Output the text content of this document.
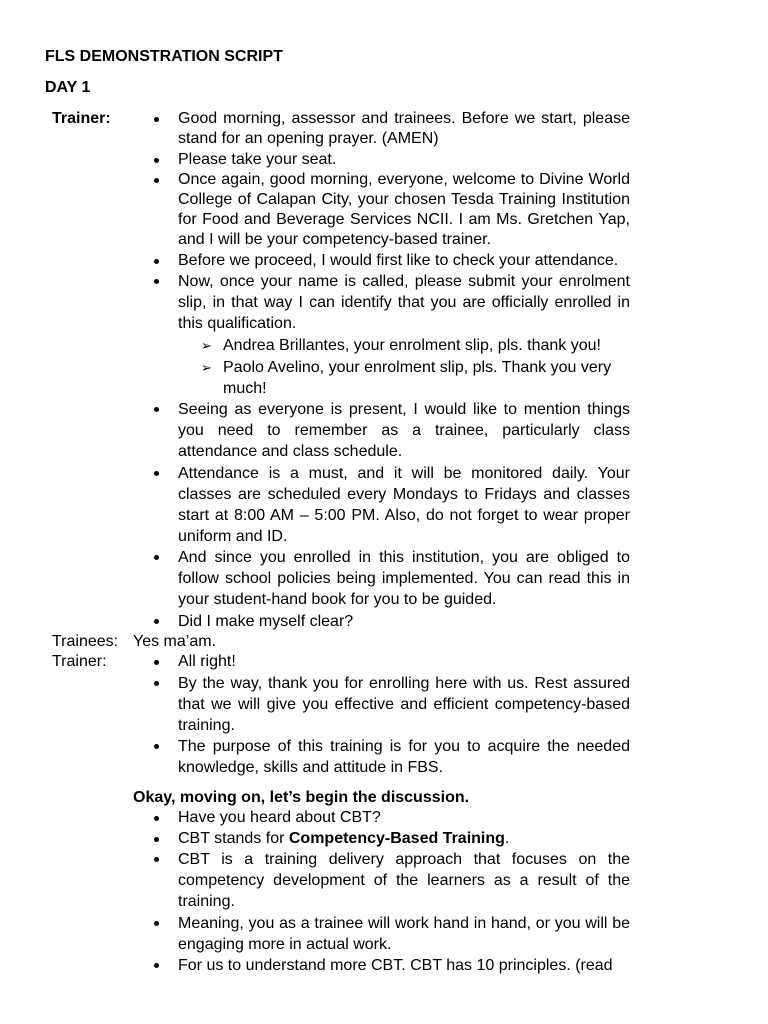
FLS DEMONSTRATION SCRIPT
DAY 1
Trainer:	Good morning, assessor and trainees. Before we start, please stand for an opening prayer. (AMEN)
Please take your seat.
Once again, good morning, everyone, welcome to Divine World College of Calapan City, your chosen Tesda Training Institution for Food and Beverage Services NCII. I am Ms. Gretchen Yap, and I will be your competency-based trainer.
Before we proceed, I would first like to check your attendance.
Now, once your name is called, please submit your enrolment slip, in that way I can identify that you are officially enrolled in this qualification.
➢ Andrea Brillantes, your enrolment slip, pls. thank you!
➢ Paolo Avelino, your enrolment slip, pls. Thank you very much!
Seeing as everyone is present, I would like to mention things you need to remember as a trainee, particularly class attendance and class schedule.
Attendance is a must, and it will be monitored daily. Your classes are scheduled every Mondays to Fridays and classes start at 8:00 AM – 5:00 PM. Also, do not forget to wear proper uniform and ID.
And since you enrolled in this institution, you are obliged to follow school policies being implemented. You can read this in your student-hand book for you to be guided.
Did I make myself clear?
Trainees: Yes ma’am.
Trainer:	All right!
By the way, thank you for enrolling here with us. Rest assured that we will give you effective and efficient competency-based training.
The purpose of this training is for you to acquire the needed knowledge, skills and attitude in FBS.
Okay, moving on, let’s begin the discussion.
Have you heard about CBT?
CBT stands for Competency-Based Training.
CBT is a training delivery approach that focuses on the competency development of the learners as a result of the training.
Meaning, you as a trainee will work hand in hand, or you will be engaging more in actual work.
For us to understand more CBT. CBT has 10 principles. (read
